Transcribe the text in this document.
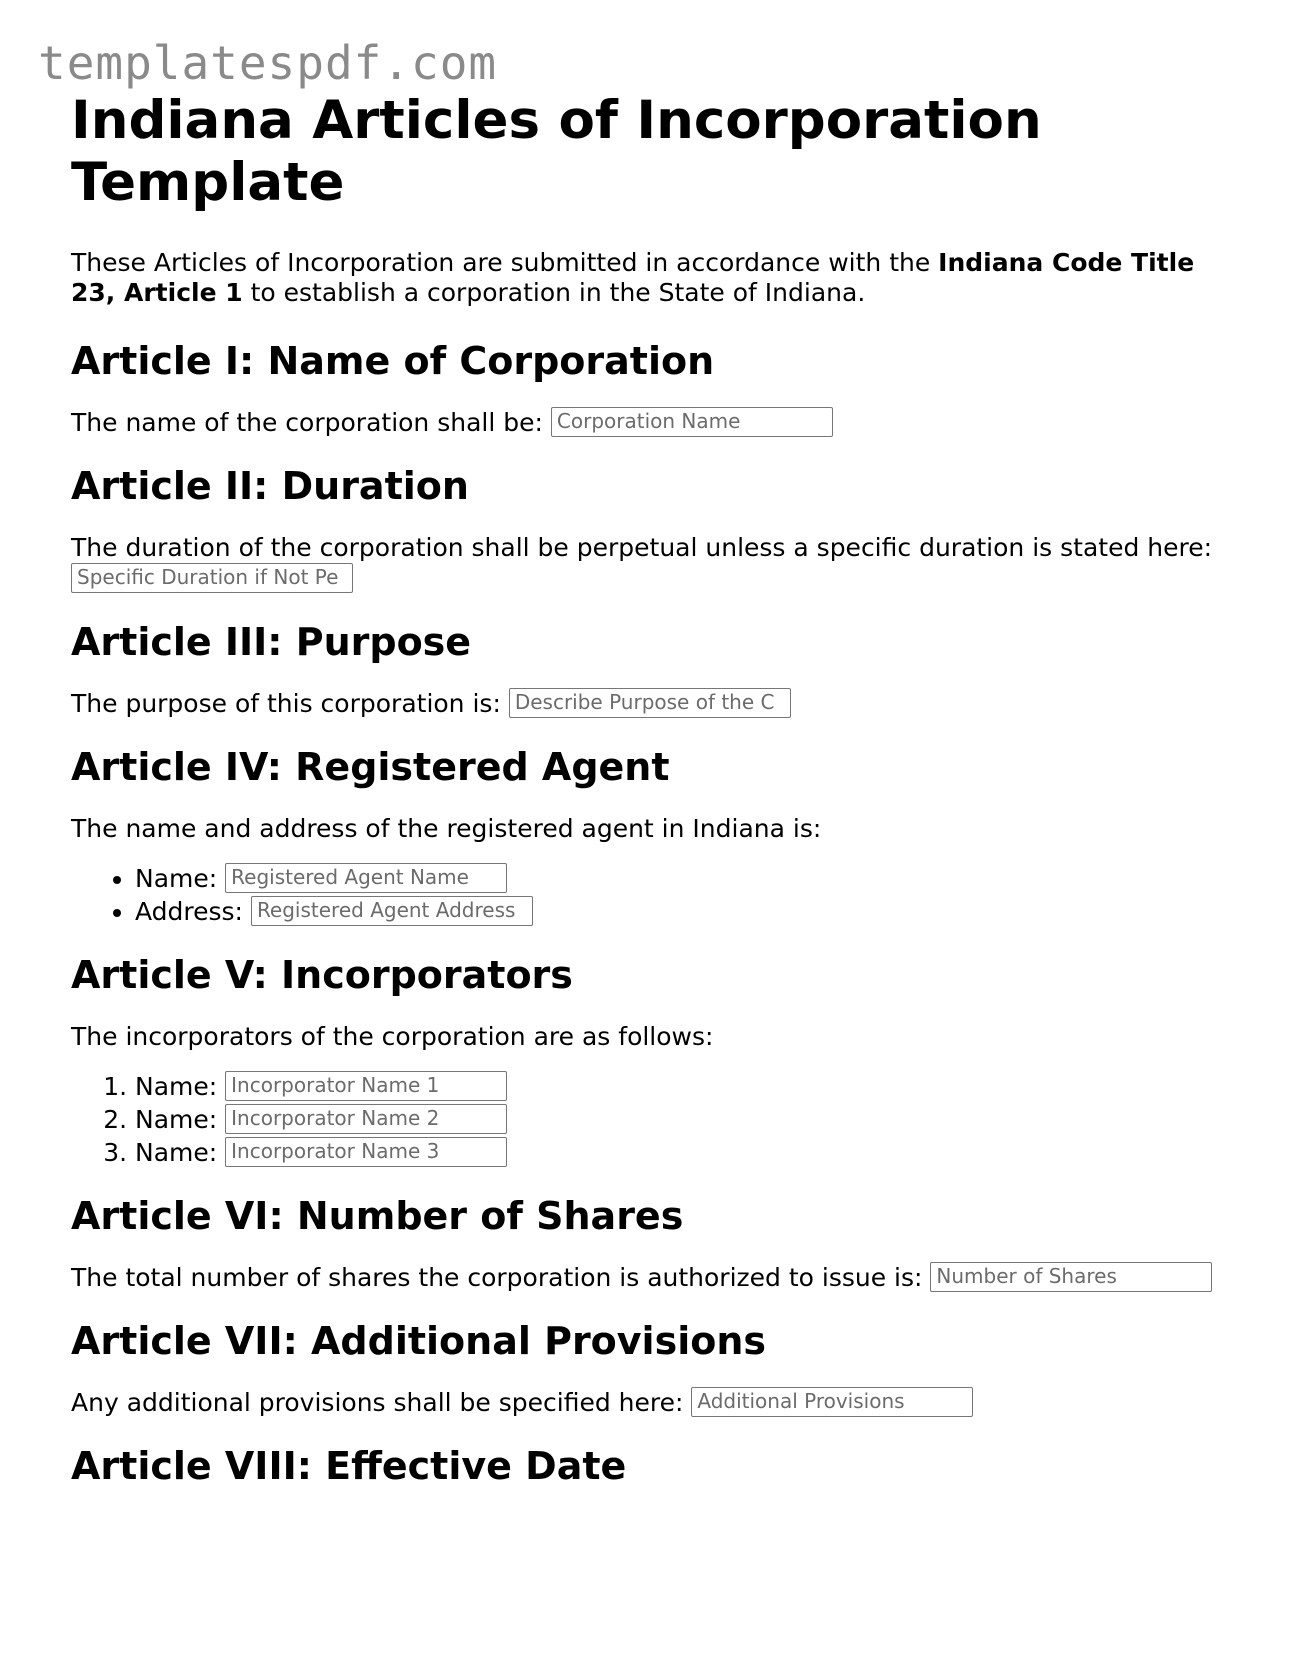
templatespdf.com
Indiana Articles of Incorporation Template

These Articles of Incorporation are submitted in accordance with the Indiana Code Title 23, Article 1 to establish a corporation in the State of Indiana.

Article I: Name of Corporation

The name of the corporation shall be: Corporation Name

Article II: Duration

The duration of the corporation shall be perpetual unless a specific duration is stated here:

Specific Duration if Not Pe
Article III: Purpose

The purpose of this corporation is: Describe Purpose of the C

Article IV: Registered Agent

The name and address of the registered agent in Indiana is:

• Name: Registered Agent Name
• Address: Registered Agent Address
Article V: Incorporators

The incorporators of the corporation are as follows:

1. Name: Incorporator Name 1
2. Name: Incorporator Name 2
3. Name: Incorporator Name 3
Article VI: Number of Shares

The total number of shares the corporation is authorized to issue is: Number of Shares

Article VII: Additional Provisions

Any additional provisions shall be specified here: Additional Provisions

Article VIII: Effective Date
